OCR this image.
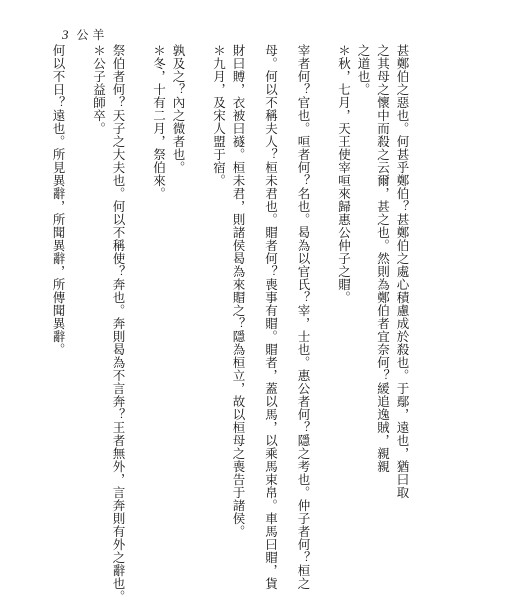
3 公 羊
甚鄭伯之惡也。何甚乎鄭伯？甚鄭伯之處心積慮成於殺也。于鄢，遠也，猶曰取
之其母之懷中而殺之云爾，甚之也。然則為鄭伯者宜奈何？緩追逸賊，親親
之道也。
＊秋，七月，天王使宰咺來歸惠公仲子之賵。
宰者何？官也。咺者何？名也。曷為以官氏？宰，士也。惠公者何？隱之考也。仲子者何？桓之
母。何以不稱夫人？桓未君也。賵者何？喪事有賵。賵者，蓋以馬，以乘馬束帛。車馬曰賵，貨
財曰賻，衣被曰襚。桓未君，則諸侯曷為來賵之？隱為桓立，故以桓母之喪告于諸侯。
＊九月，及宋人盟于宿。
孰及之？內之微者也。
＊冬，十有二月，祭伯來。
祭伯者何？天子之大夫也。何以不稱使？奔也。奔則曷為不言奔？王者無外，言奔則有外之辭也。
＊公子益師卒。
何以不日？遠也。所見異辭，所聞異辭，所傳聞異辭。
